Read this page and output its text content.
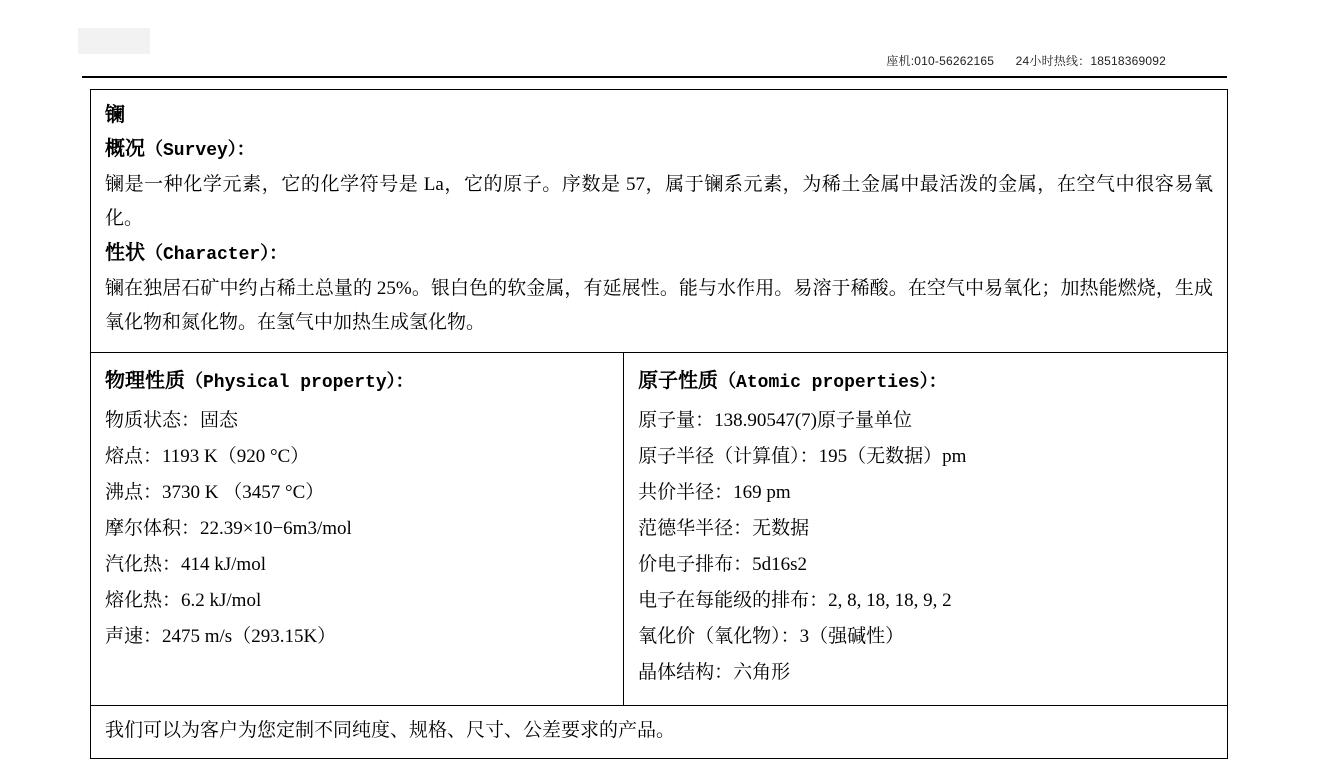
座机:010-56262165 24小时热线：18518369092
镧
概况（Survey）：
镧是一种化学元素，它的化学符号是 La，它的原子。序数是 57，属于镧系元素，为稀土金属中最活泼的金属，在空气中很容易氧化。
性状（Character）：
镧在独居石矿中约占稀土总量的 25%。银白色的软金属，有延展性。能与水作用。易溶于稀酸。在空气中易氧化；加热能燃烧，生成氧化物和氮化物。在氢气中加热生成氢化物。
物理性质（Physical property）：
物质状态：固态
熔点：1193 K（920 °C）
沸点：3730 K （3457 °C）
摩尔体积：22.39×10−6m3/mol
汽化热：414 kJ/mol
熔化热：6.2 kJ/mol
声速：2475 m/s（293.15K）
原子性质（Atomic properties）：
原子量：138.90547(7)原子量单位
原子半径（计算值）：195（无数据）pm
共价半径：169 pm
范德华半径：无数据
价电子排布：5d16s2
电子在每能级的排布：2, 8, 18, 18, 9, 2
氧化价（氧化物）：3（强碱性）
晶体结构：六角形
我们可以为客户为您定制不同纯度、规格、尺寸、公差要求的产品。
